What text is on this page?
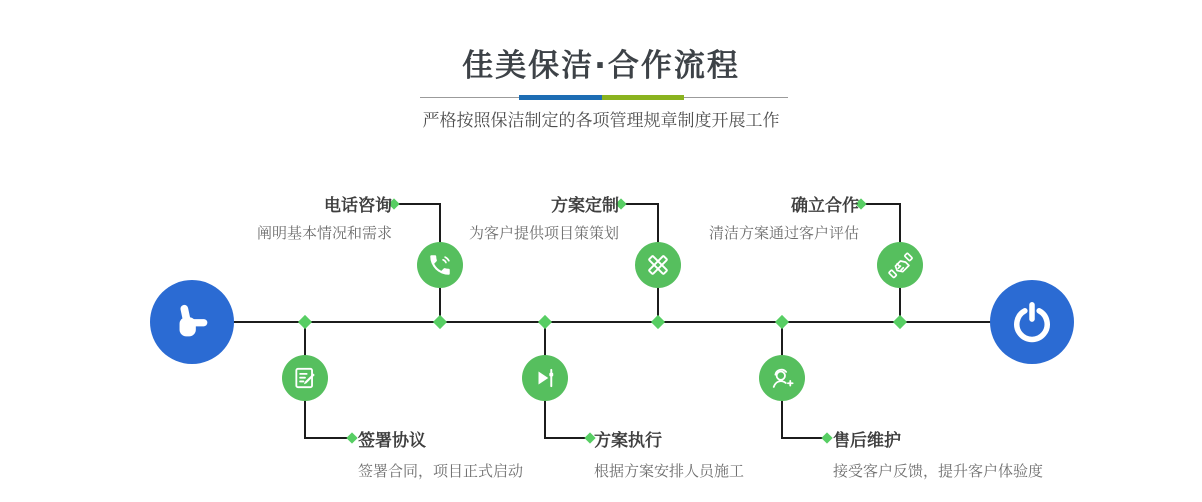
佳美保洁·合作流程
严格按照保洁制定的各项管理规章制度开展工作
电话咨询
阐明基本情况和需求
方案定制
为客户提供项目策策划
确立合作
清洁方案通过客户评估
签署协议
签署合同，项目正式启动
方案执行
根据方案安排人员施工
售后维护
接受客户反馈，提升客户体验度
